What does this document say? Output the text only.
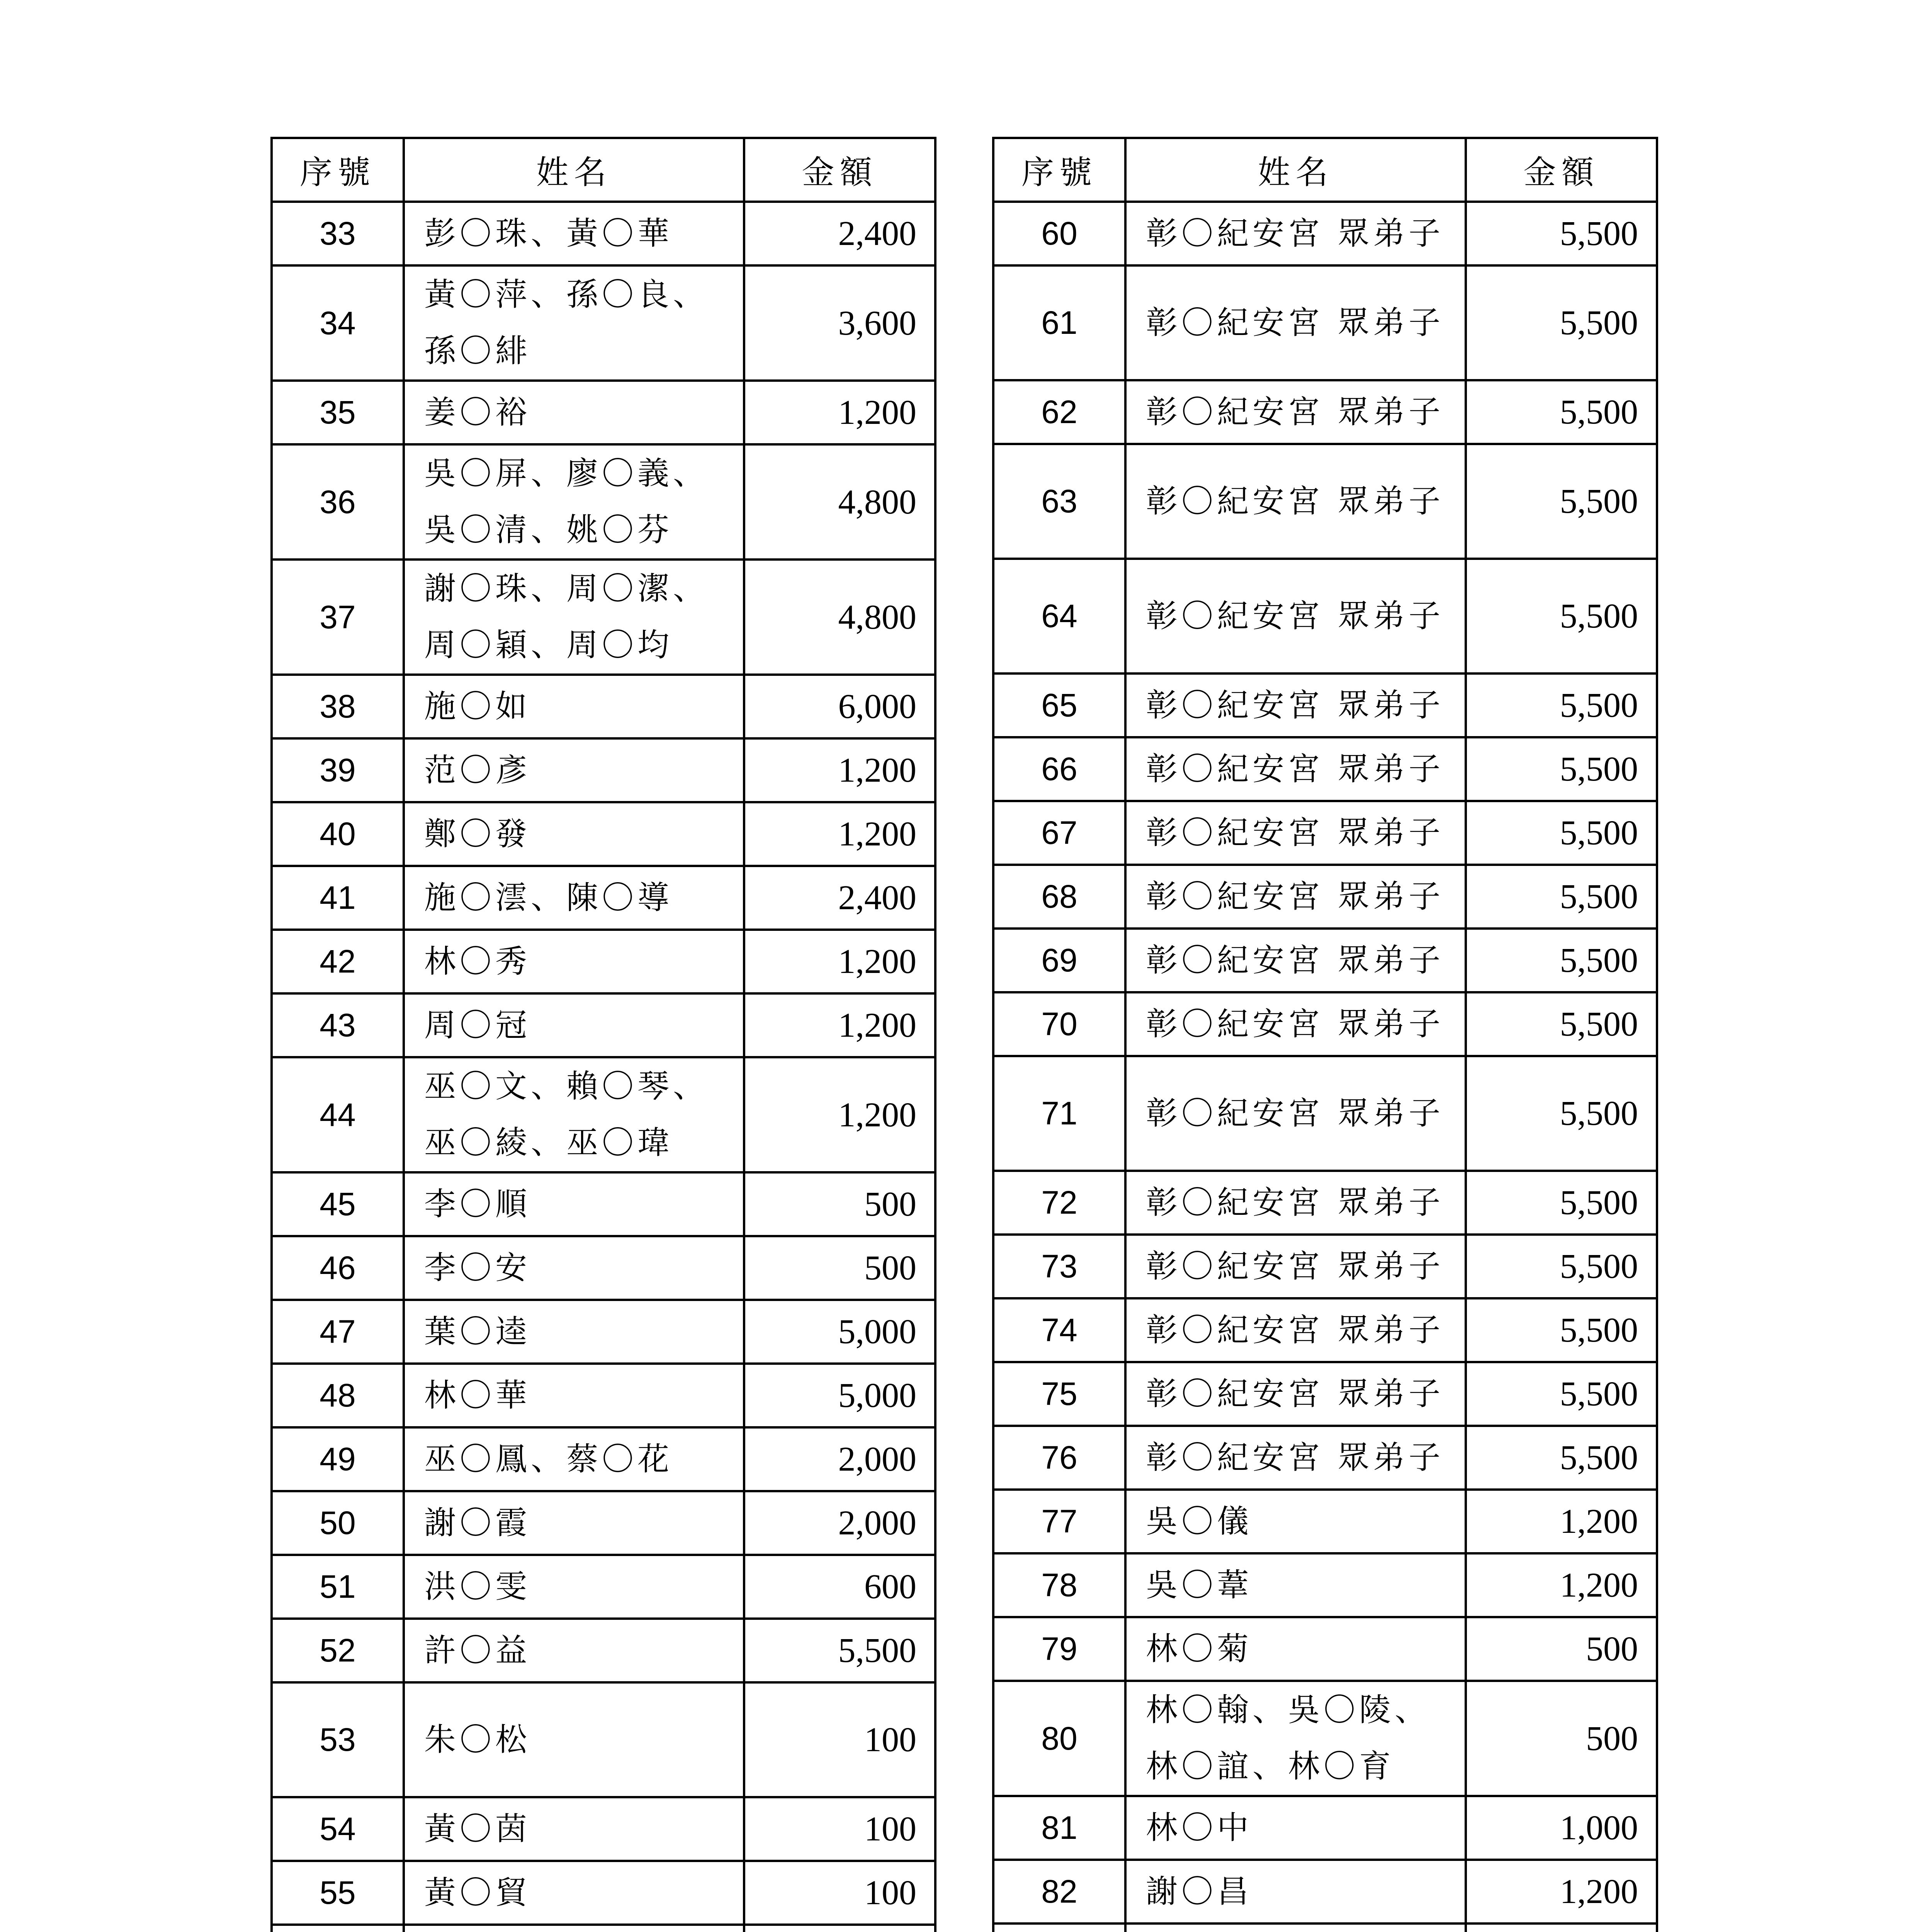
序號	姓名	金額
33	彭〇珠、黃〇華	2,400
34	黃〇萍、孫〇良、
孫〇緋	3,600
35	姜〇裕	1,200
36	吳〇屏、廖〇義、
吳〇清、姚〇芬	4,800
37	謝〇珠、周〇潔、
周〇穎、周〇均	4,800
38	施〇如	6,000
39	范〇彥	1,200
40	鄭〇發	1,200
41	施〇澐、陳〇導	2,400
42	林〇秀	1,200
43	周〇冠	1,200
44	巫〇文、賴〇琴、
巫〇綾、巫〇瑋	1,200
45	李〇順	500
46	李〇安	500
47	葉〇逵	5,000
48	林〇華	5,000
49	巫〇鳳、蔡〇花	2,000
50	謝〇霞	2,000
51	洪〇雯	600
52	許〇益	5,500
53	朱〇松	100
54	黃〇茵	100
55	黃〇貿	100

序號	姓名	金額
60	彰〇紀安宮 眾弟子	5,500
61	彰〇紀安宮 眾弟子	5,500
62	彰〇紀安宮 眾弟子	5,500
63	彰〇紀安宮 眾弟子	5,500
64	彰〇紀安宮 眾弟子	5,500
65	彰〇紀安宮 眾弟子	5,500
66	彰〇紀安宮 眾弟子	5,500
67	彰〇紀安宮 眾弟子	5,500
68	彰〇紀安宮 眾弟子	5,500
69	彰〇紀安宮 眾弟子	5,500
70	彰〇紀安宮 眾弟子	5,500
71	彰〇紀安宮 眾弟子	5,500
72	彰〇紀安宮 眾弟子	5,500
73	彰〇紀安宮 眾弟子	5,500
74	彰〇紀安宮 眾弟子	5,500
75	彰〇紀安宮 眾弟子	5,500
76	彰〇紀安宮 眾弟子	5,500
77	吳〇儀	1,200
78	吳〇葦	1,200
79	林〇菊	500
80	林〇翰、吳〇陵、
林〇誼、林〇育	500
81	林〇中	1,000
82	謝〇昌	1,200
